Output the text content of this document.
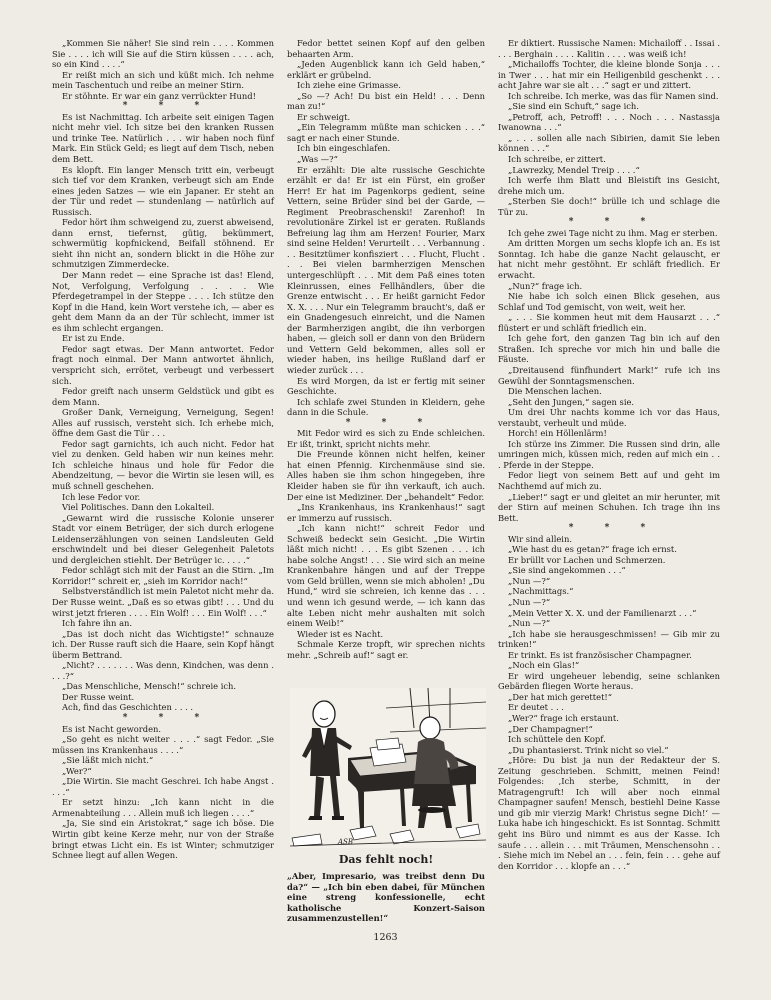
„Kommen Sie näher! Sie sind rein . . . . Kommen Sie . . . . ich will Sie auf die Stirn küssen . . . . ach, so ein Kind . . . .“

Er reißt mich an sich und küßt mich. Ich nehme mein Taschentuch und reibe an meiner Stirn.

Er stöhnte. Er war ein ganz verrückter Hund!

* * *

Es ist Nachmittag. Ich arbeite seit einigen Tagen nicht mehr viel. Ich sitze bei den kranken Russen und trinke Tee. Natürlich . . . wir haben noch fünf Mark. Ein Stück Geld; es liegt auf dem Tisch, neben dem Bett.

Es klopft. Ein langer Mensch tritt ein, verbeugt sich tief vor dem Kranken, verbeugt sich am Ende eines jeden Satzes — wie ein Japaner. Er steht an der Tür und redet — stundenlang — natürlich auf Russisch.

Fedor hört ihm schweigend zu, zuerst abweisend, dann ernst, tiefernst, gütig, bekümmert, schwermütig kopfnickend, Beifall stöhnend. Er sieht ihn nicht an, sondern blickt in die Höhe zur schmutzigen Zimmerdecke.

Der Mann redet — eine Sprache ist das! Elend, Not, Verfolgung, Verfolgung . . . . Wie Pferdegetrampel in der Steppe . . . . Ich stütze den Kopf in die Hand, kein Wort verstehe ich, — aber es geht dem Mann da an der Tür schlecht, immer ist es ihm schlecht ergangen.

Er ist zu Ende.

Fedor sagt etwas. Der Mann antwortet. Fedor fragt noch einmal. Der Mann antwortet ähnlich, verspricht sich, errötet, verbeugt und verbessert sich.

Fedor greift nach unserm Geldstück und gibt es dem Mann.

Großer Dank, Verneigung, Verneigung, Segen! Alles auf russisch, versteht sich. Ich erhebe mich, öffne dem Gast die Tür . . .

Fedor sagt garnichts, ich auch nicht. Fedor hat viel zu denken. Geld haben wir nun keines mehr. Ich schleiche hinaus und hole für Fedor die Abendzeitung, — bevor die Wirtin sie lesen will, es muß schnell geschehen.

Ich lese Fedor vor.

Viel Politisches. Dann den Lokalteil.

„Gewarnt wird die russische Kolonie unserer Stadt vor einem Betrüger, der sich durch erlogene Leidenserzählungen von seinen Landsleuten Geld erschwindelt und bei dieser Gelegenheit Paletots und dergleichen stiehlt. Der Betrüger ic. . . . .“

Fedor schlägt sich mit der Faust an die Stirn. „Im Korridor!“ schreit er, „sieh im Korridor nach!“

Selbstverständlich ist mein Paletot nicht mehr da. Der Russe weint. „Daß es so etwas gibt! . . . Und du wirst jetzt frieren . . . . Ein Wolf! . . . Ein Wolf! . . .“

Ich fahre ihn an.

„Das ist doch nicht das Wichtigste!“ schnauze ich. Der Russe rauft sich die Haare, sein Kopf hängt überm Bettrand.

„Nicht? . . . . . . . Was denn, Kindchen, was denn . . . .?“

„Das Menschliche, Mensch!“ schreie ich.

Der Russe weint.

Ach, find das Geschichten . . . .

* * *

Es ist Nacht geworden.

„So geht es nicht weiter . . . .“ sagt Fedor. „Sie müssen ins Krankenhaus . . . .“

„Sie läßt mich nicht.“

„Wer?“

„Die Wirtin. Sie macht Geschrei. Ich habe Angst . . . .“

Er setzt hinzu: „Ich kann nicht in die Armenabteilung . . . Allein muß ich liegen . . . .“

„Ja, Sie sind ein Aristokrat,“ sage ich böse. Die Wirtin gibt keine Kerze mehr, nur von der Straße bringt etwas Licht ein. Es ist Winter; schmutziger Schnee liegt auf allen Wegen.

Fedor bettet seinen Kopf auf den gelben behaarten Arm.

„Jeden Augenblick kann ich Geld haben,“ erklärt er grübelnd.

Ich ziehe eine Grimasse.

„So —? Ach! Du bist ein Held! . . . Denn man zu!“

Er schweigt.

„Ein Telegramm müßte man schicken . . .“ sagt er nach einer Stunde.

Ich bin eingeschlafen.

„Was —?“

Er erzählt: Die alte russische Geschichte erzählt er da! Er ist ein Fürst, ein großer Herr! Er hat im Pagenkorps gedient, seine Vettern, seine Brüder sind bei der Garde, — Regiment Preobraschenski! Zarenhof! In revolutionäre Zirkel ist er geraten. Rußlands Befreiung lag ihm am Herzen! Fourier, Marx sind seine Helden! Verurteilt . . . Verbannung . . . Besitztümer konfisziert . . . Flucht, Flucht . . . Bei vielen barmherzigen Menschen untergeschlüpft . . . Mit dem Paß eines toten Kleinrussen, eines Fellhändlers, über die Grenze entwischt . . . Er heißt garnicht Fedor X. X. . . . Nur ein Telegramm braucht's, daß er ein Gnadengesuch einreicht, und die Namen der Barmherzigen angibt, die ihn verborgen haben, — gleich soll er dann von den Brüdern und Vettern Geld bekommen, alles soll er wieder haben, ins heilige Rußland darf er wieder zurück . . .

Es wird Morgen, da ist er fertig mit seiner Geschichte.

Ich schlafe zwei Stunden in Kleidern, gehe dann in die Schule.

* * *

Mit Fedor wird es sich zu Ende schleichen. Er ißt, trinkt, spricht nichts mehr.

Die Freunde können nicht helfen, keiner hat einen Pfennig. Kirchenmäuse sind sie. Alles haben sie ihm schon hingegeben, ihre Kleider haben sie für ihn verkauft, ich auch. Der eine ist Mediziner. Der „behandelt“ Fedor.

„Ins Krankenhaus, ins Krankenhaus!“ sagt er immerzu auf russisch.

„Ich kann nicht!“ schreit Fedor und Schweiß bedeckt sein Gesicht. „Die Wirtin läßt mich nicht! . . . Es gibt Szenen . . . ich habe solche Angst! . . . Sie wird sich an meine Krankenbahre hängen und auf der Treppe vom Geld brüllen, wenn sie mich abholen! „Du Hund,“ wird sie schreien, ich kenne das . . . und wenn ich gesund werde, — ich kann das alte Leben nicht mehr aushalten mit solch einem Weib!“

Wieder ist es Nacht.

Schmale Kerze tropft, wir sprechen nichts mehr. „Schreib auf!“ sagt er.

ASB
Das fehlt noch!
„Aber, Impresario, was treibst denn Du da?“ — „Ich bin eben dabei, für München eine streng konfessionelle, echt katholische Konzert-Saison zusammenzustellen!“

Er diktiert. Russische Namen: Michailoff . . Issai . . . . Berghain . . . . Kalitin . . . . was weiß ich!

„Michailoffs Tochter, die kleine blonde Sonja . . . in Twer . . . hat mir ein Heiligenbild geschenkt . . . acht Jahre war sie alt . . .“ sagt er und zittert.

Ich schreibe. Ich merke, was das für Namen sind.

„Sie sind ein Schuft,“ sage ich.

„Petroff, ach, Petroff! . . . Noch . . . Nastassja Iwanowna . . .“

„ . . . sollen alle nach Sibirien, damit Sie leben können . . .“

Ich schreibe, er zittert.

„Lawrezky, Mendel Treip . . . .“

Ich werfe ihm Blatt und Bleistift ins Gesicht, drehe mich um.

„Sterben Sie doch!“ brülle ich und schlage die Tür zu.

* * *

Ich gehe zwei Tage nicht zu ihm. Mag er sterben.

Am dritten Morgen um sechs klopfe ich an. Es ist Sonntag. Ich habe die ganze Nacht gelauscht, er hat nicht mehr gestöhnt. Er schläft friedlich. Er erwacht.

„Nun?“ frage ich.

Nie habe ich solch einen Blick gesehen, aus Schlaf und Tod gemischt, von weit, weit her.

„ . . . Sie kommen heut mit dem Hausarzt . . .“ flüstert er und schläft friedlich ein.

Ich gehe fort, den ganzen Tag bin ich auf den Straßen. Ich spreche vor mich hin und balle die Fäuste.

„Dreitausend fünfhundert Mark!“ rufe ich ins Gewühl der Sonntagsmenschen.

Die Menschen lachen.

„Seht den Jungen,“ sagen sie.

Um drei Uhr nachts komme ich vor das Haus, verstaubt, verheult und müde.

Horch! ein Höllenlärm!

Ich stürze ins Zimmer. Die Russen sind drin, alle umringen mich, küssen mich, reden auf mich ein . . . Pferde in der Steppe.

Fedor liegt von seinem Bett auf und geht im Nachthemd auf mich zu.

„Lieber!“ sagt er und gleitet an mir herunter, mit der Stirn auf meinen Schuhen. Ich trage ihn ins Bett.

* * *

Wir sind allein.

„Wie hast du es getan?“ frage ich ernst.

Er brüllt vor Lachen und Schmerzen.

„Sie sind angekommen . . .“

„Nun —?“

„Nachmittags.“

„Nun —?“

„Mein Vetter X. X. und der Familienarzt . . .“

„Nun —?“

„Ich habe sie herausgeschmissen! — Gib mir zu trinken!“

Er trinkt. Es ist französischer Champagner.

„Noch ein Glas!“

Er wird ungeheuer lebendig, seine schlanken Gebärden fliegen Worte heraus.

„Der hat mich gerettet!“

Er deutet . . .

„Wer?“ frage ich erstaunt.

„Der Champagner!“

Ich schüttele den Kopf.

„Du phantasierst. Trink nicht so viel.“

„Höre: Du bist ja nun der Redakteur der S. Zeitung geschrieben. Schmitt, meinen Feind! Folgendes: ‚Ich sterbe, Schmitt, in der Matragengruft! Ich will aber noch einmal Champagner saufen! Mensch, bestiehl Deine Kasse und gib mir vierzig Mark! Christus segne Dich!‘ — Luka habe ich hingeschickt. Es ist Sonntag. Schmitt geht ins Büro und nimmt es aus der Kasse. Ich saufe . . . allein . . . mit Träumen, Menschensohn . . . Siehe mich im Nebel an . . . fein, fein . . . gehe auf den Korridor . . . klopfe an . . .“

1263
